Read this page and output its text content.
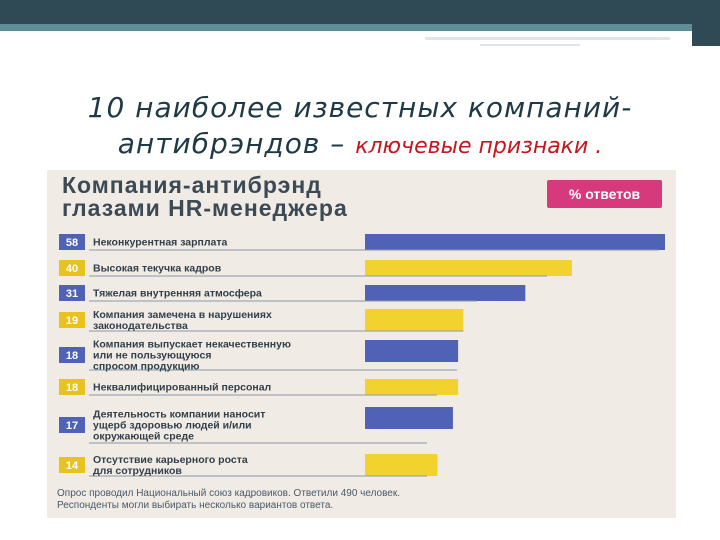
10 наиболее известных компаний-
антибрэндов – ключевые признаки .
58 Неконкурентная зарплата
40 Высокая текучка кадров
31 Тяжелая внутренняя атмосфера
19 Компания замечена в нарушениях
законодательства
18
Компания выпускает некачественную
или не пользующуюся
спросом продукцию
18 Неквалифицированный персонал
17
Деятельность компании наносит
ущерб здоровью людей и/или
окружающей среде
14 Отсутствие карьерного роста
для сотрудников
Компания-антибрэнд
глазами HR-менеджера
% ответов
Опрос проводил Национальный союз кадровиков. Ответили 490 человек.
Респонденты могли выбирать несколько вариантов ответа.
